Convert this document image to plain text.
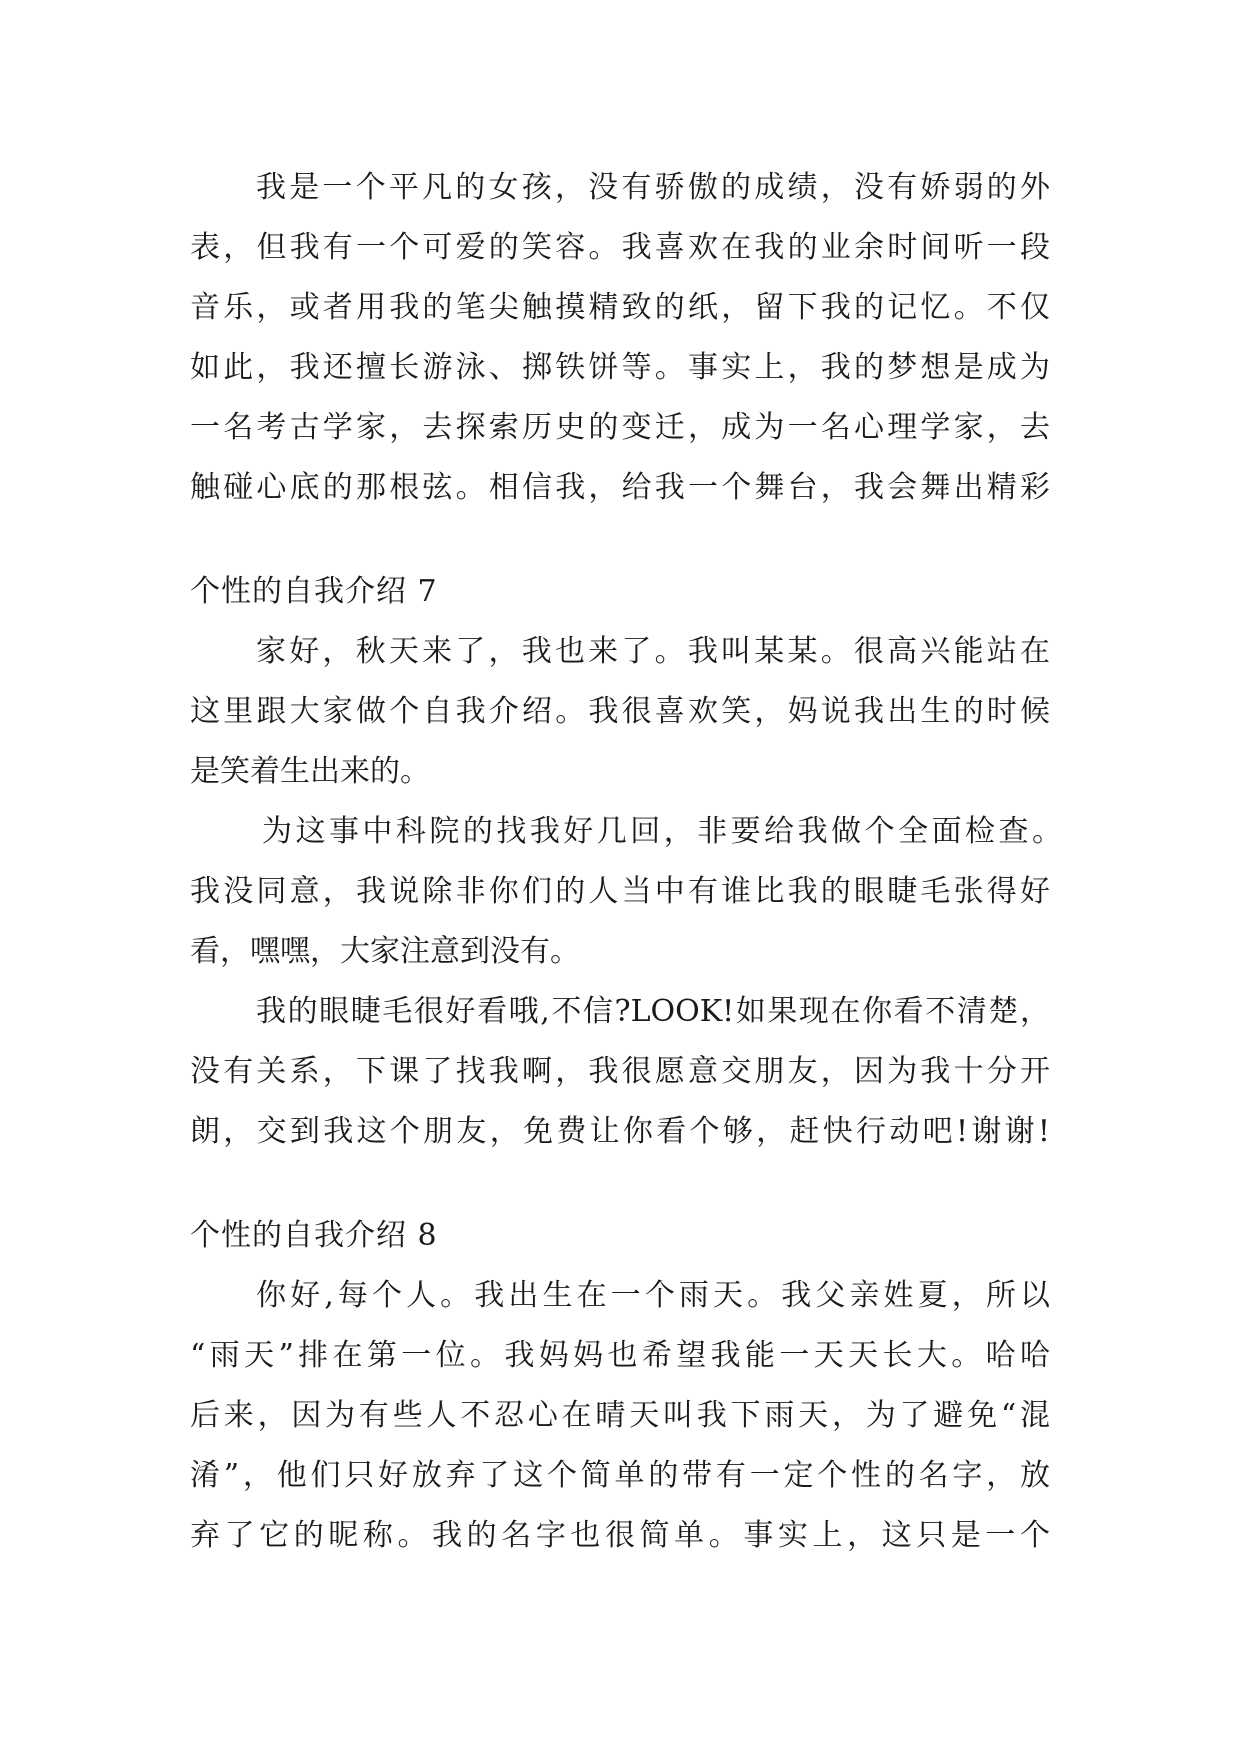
我是一个平凡的女孩，没有骄傲的成绩，没有娇弱的外
表，但我有一个可爱的笑容。我喜欢在我的业余时间听一段
音乐，或者用我的笔尖触摸精致的纸，留下我的记忆。不仅
如此，我还擅长游泳、掷铁饼等。事实上，我的梦想是成为
一名考古学家，去探索历史的变迁，成为一名心理学家，去
触碰心底的那根弦。相信我，给我一个舞台，我会舞出精彩
个性的自我介绍 7
家好，秋天来了，我也来了。我叫某某。很高兴能站在
这里跟大家做个自我介绍。我很喜欢笑，妈说我出生的时候
是笑着生出来的。
为这事中科院的找我好几回，非要给我做个全面检查。
我没同意，我说除非你们的人当中有谁比我的眼睫毛张得好
看，嘿嘿，大家注意到没有。
我的眼睫毛很好看哦,不信?LOOK!如果现在你看不清楚，
没有关系，下课了找我啊，我很愿意交朋友，因为我十分开
朗，交到我这个朋友，免费让你看个够，赶快行动吧!谢谢!
个性的自我介绍 8
你好,每个人。我出生在一个雨天。我父亲姓夏，所以
“雨天”排在第一位。我妈妈也希望我能一天天长大。哈哈
后来，因为有些人不忍心在晴天叫我下雨天，为了避免“混
淆”，他们只好放弃了这个简单的带有一定个性的名字，放
弃了它的昵称。我的名字也很简单。事实上，这只是一个
